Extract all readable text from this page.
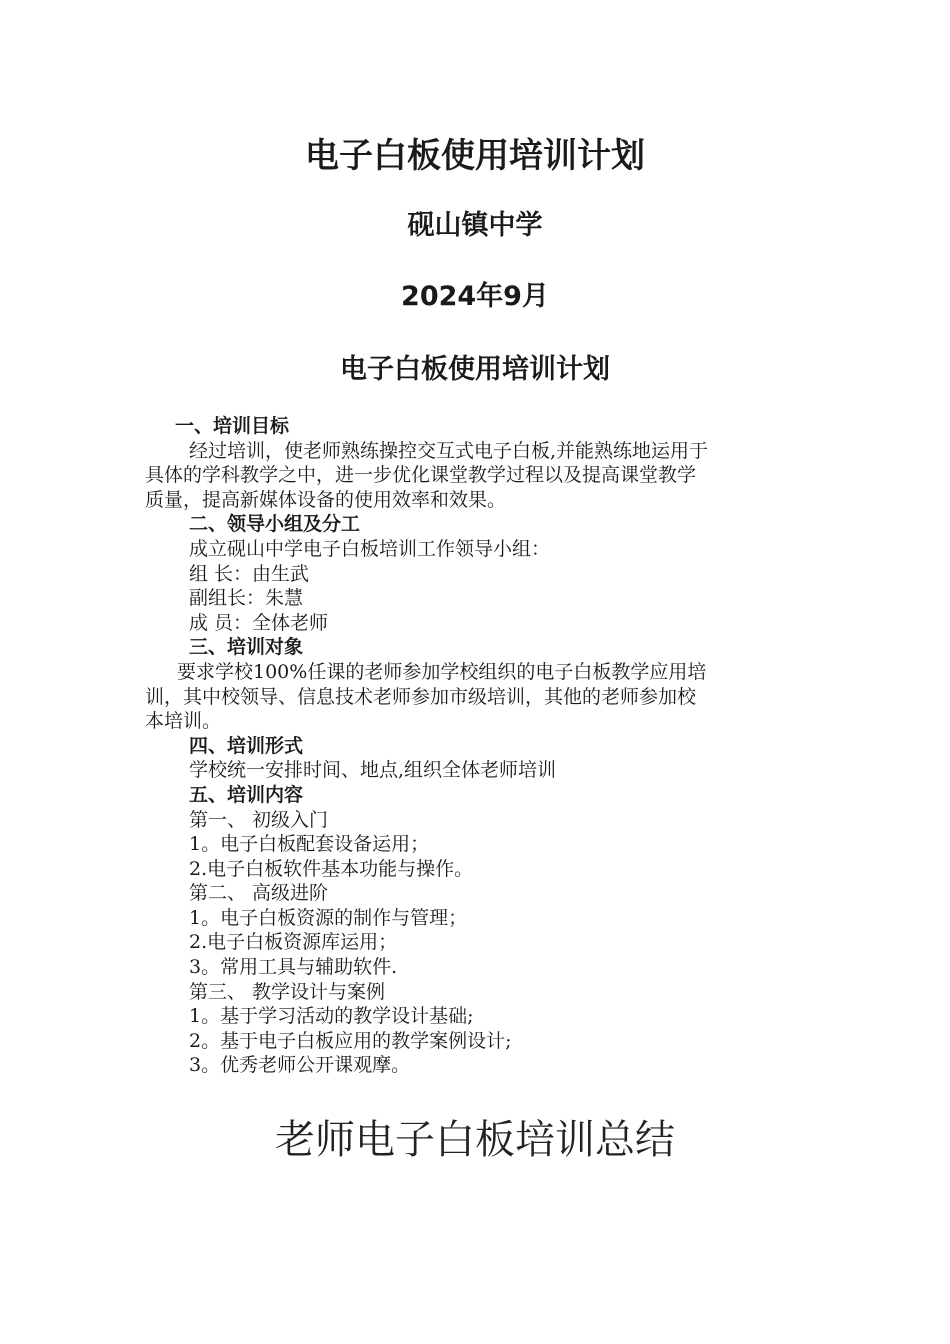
电子白板使用培训计划
砚山镇中学
2024年9月
电子白板使用培训计划
一、培训目标
经过培训，使老师熟练操控交互式电子白板,并能熟练地运用于
具体的学科教学之中，进一步优化课堂教学过程以及提高课堂教学
质量，提高新媒体设备的使用效率和效果。
二、领导小组及分工
成立砚山中学电子白板培训工作领导小组：
组 长：由生武
副组长：朱慧
成 员：全体老师
三、培训对象
要求学校100%任课的老师参加学校组织的电子白板教学应用培
训，其中校领导、信息技术老师参加市级培训，其他的老师参加校
本培训。
四、培训形式
学校统一安排时间、地点,组织全体老师培训
五、培训内容
第一、 初级入门
1。电子白板配套设备运用；
2.电子白板软件基本功能与操作。
第二、 高级进阶
1。电子白板资源的制作与管理；
2.电子白板资源库运用；
3。常用工具与辅助软件.
第三、 教学设计与案例
1。基于学习活动的教学设计基础;
2。基于电子白板应用的教学案例设计;
3。优秀老师公开课观摩。
老师电子白板培训总结
